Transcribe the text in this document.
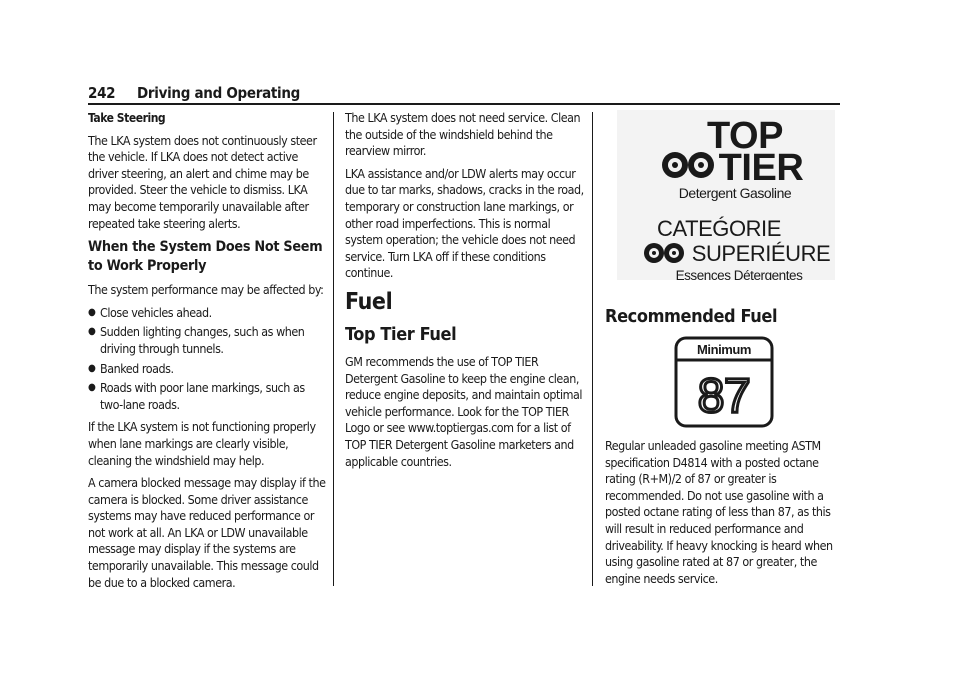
242 Driving and Operating

Take Steering

The LKA system does not continuously steer the vehicle. If LKA does not detect active driver steering, an alert and chime may be provided. Steer the vehicle to dismiss. LKA may become temporarily unavailable after repeated take steering alerts.

When the System Does Not Seem to Work Properly

The system performance may be affected by:

● Close vehicles ahead.
● Sudden lighting changes, such as when driving through tunnels.
● Banked roads.
● Roads with poor lane markings, such as two-lane roads.

If the LKA system is not functioning properly when lane markings are clearly visible, cleaning the windshield may help.

A camera blocked message may display if the camera is blocked. Some driver assistance systems may have reduced performance or not work at all. An LKA or LDW unavailable message may display if the systems are temporarily unavailable. This message could be due to a blocked camera.

The LKA system does not need service. Clean the outside of the windshield behind the rearview mirror.

LKA assistance and/or LDW alerts may occur due to tar marks, shadows, cracks in the road, temporary or construction lane markings, or other road imperfections. This is normal system operation; the vehicle does not need service. Turn LKA off if these conditions continue.

Fuel
Top Tier Fuel

GM recommends the use of TOP TIER Detergent Gasoline to keep the engine clean, reduce engine deposits, and maintain optimal vehicle performance. Look for the TOP TIER Logo or see www.toptiergas.com for a list of TOP TIER Detergent Gasoline marketers and applicable countries.

TOP
TIER
Detergent Gasoline
CATEǴORIE
SUPERIÉURE
Essences Détergentes
Recommended Fuel
Minimum
87

Regular unleaded gasoline meeting ASTM specification D4814 with a posted octane rating (R+M)/2 of 87 or greater is recommended. Do not use gasoline with a posted octane rating of less than 87, as this will result in reduced performance and driveability. If heavy knocking is heard when using gasoline rated at 87 or greater, the engine needs service.
